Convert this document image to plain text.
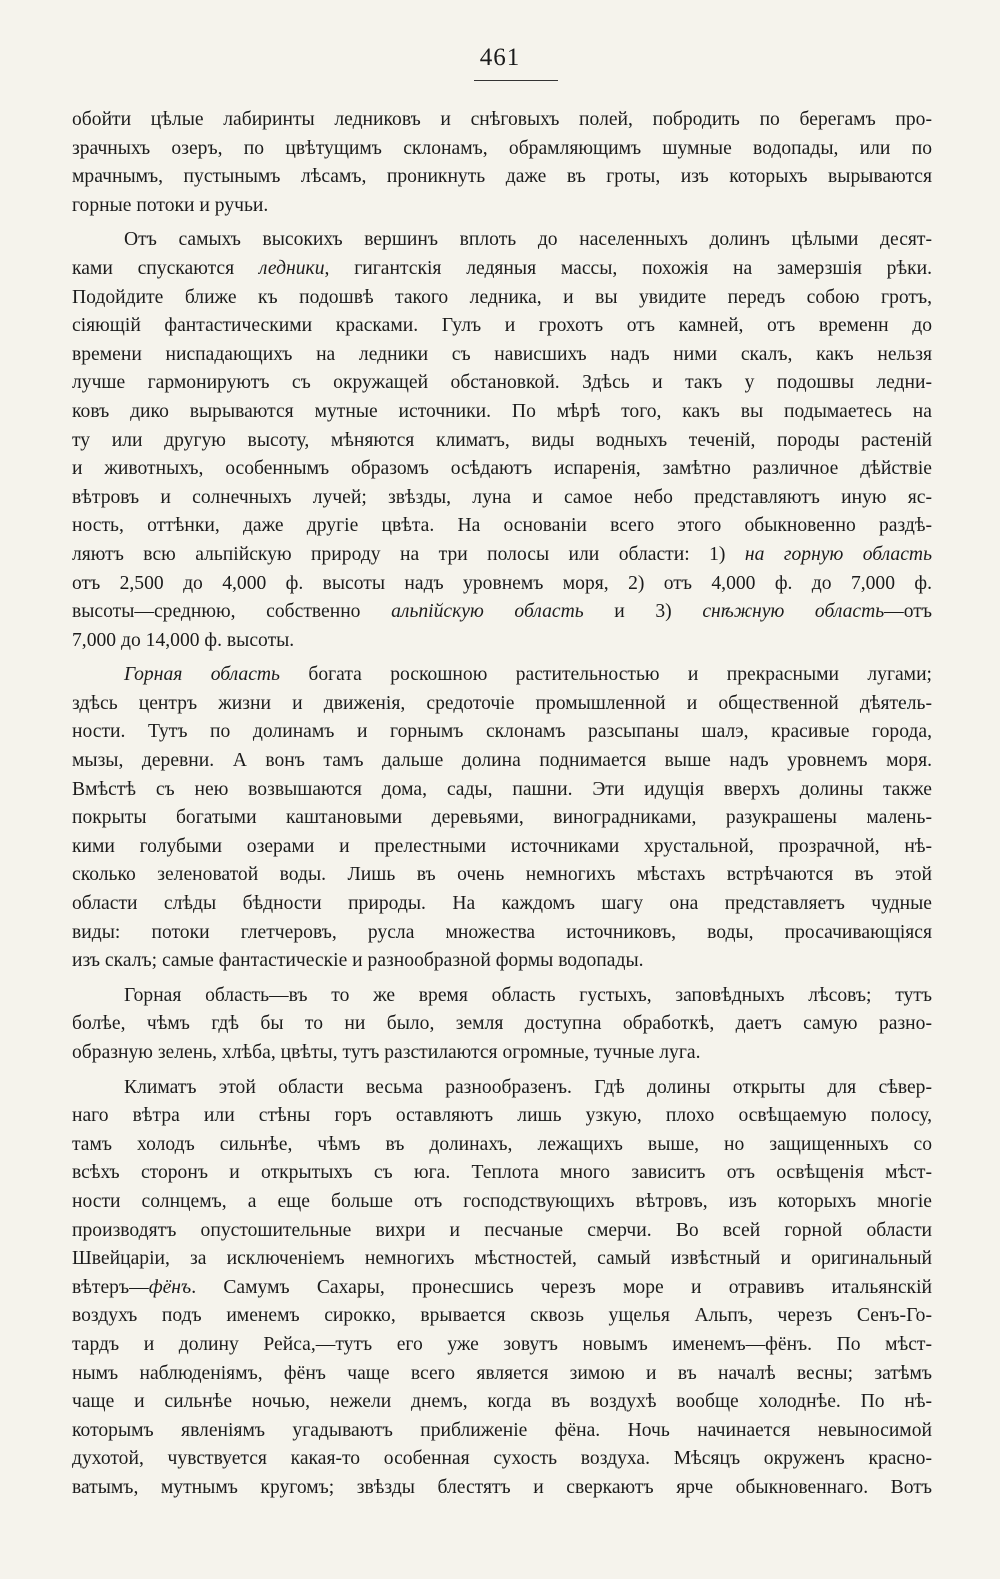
461
обойти цѣлые лабиринты ледниковъ и снѣговыхъ полей, побродить по берегамъ про-
зрачныхъ озеръ, по цвѣтущимъ склонамъ, обрамляющимъ шумные водопады, или по
мрачнымъ, пустынымъ лѣсамъ, проникнуть даже въ гроты, изъ которыхъ вырываются
горные потоки и ручьи.
Отъ самыхъ высокихъ вершинъ вплоть до населенныхъ долинъ цѣлыми десят-
ками спускаются ледники, гигантскія ледяныя массы, похожія на замерзшія рѣки.
Подойдите ближе къ подошвѣ такого ледника, и вы увидите передъ собою гротъ,
сіяющій фантастическими красками. Гулъ и грохотъ отъ камней, отъ временн до
времени ниспадающихъ на ледники съ нависшихъ надъ ними скалъ, какъ нельзя
лучше гармонируютъ съ окружащей обстановкой. Здѣсь и такъ у подошвы ледни-
ковъ дико вырываются мутные источники. По мѣрѣ того, какъ вы подымаетесь на
ту или другую высоту, мѣняются климатъ, виды водныхъ теченій, породы растеній
и животныхъ, особеннымъ образомъ осѣдаютъ испаренія, замѣтно различное дѣйствіе
вѣтровъ и солнечныхъ лучей; звѣзды, луна и самое небо представляютъ иную яс-
ность, оттѣнки, даже другіе цвѣта. На основаніи всего этого обыкновенно раздѣ-
ляютъ всю альпійскую природу на три полосы или области: 1) на горную область
отъ 2,500 до 4,000 ф. высоты надъ уровнемъ моря, 2) отъ 4,000 ф. до 7,000 ф.
высоты—среднюю, собственно альпійскую область и 3) снѣжную область—отъ
7,000 до 14,000 ф. высоты.
Горная область богата роскошною растительностью и прекрасными лугами;
здѣсь центръ жизни и движенія, средоточіе промышленной и общественной дѣятель-
ности. Тутъ по долинамъ и горнымъ склонамъ разсыпаны шалэ, красивые города,
мызы, деревни. А вонъ тамъ дальше долина поднимается выше надъ уровнемъ моря.
Вмѣстѣ съ нею возвышаются дома, сады, пашни. Эти идущія вверхъ долины также
покрыты богатыми каштановыми деревьями, виноградниками, разукрашены малень-
кими голубыми озерами и прелестными источниками хрустальной, прозрачной, нѣ-
сколько зеленоватой воды. Лишь въ очень немногихъ мѣстахъ встрѣчаются въ этой
области слѣды бѣдности природы. На каждомъ шагу она представляетъ чудные
виды: потоки глетчеровъ, русла множества источниковъ, воды, просачивающіяся
изъ скалъ; самые фантастическіе и разнообразной формы водопады.
Горная область—въ то же время область густыхъ, заповѣдныхъ лѣсовъ; тутъ
болѣе, чѣмъ гдѣ бы то ни было, земля доступна обработкѣ, даетъ самую разно-
образную зелень, хлѣба, цвѣты, тутъ разстилаются огромные, тучные луга.
Климатъ этой области весьма разнообразенъ. Гдѣ долины открыты для сѣвер-
наго вѣтра или стѣны горъ оставляютъ лишь узкую, плохо освѣщаемую полосу,
тамъ холодъ сильнѣе, чѣмъ въ долинахъ, лежащихъ выше, но защищенныхъ со
всѣхъ сторонъ и открытыхъ съ юга. Теплота много зависитъ отъ освѣщенія мѣст-
ности солнцемъ, а еще больше отъ господствующихъ вѣтровъ, изъ которыхъ многіе
производятъ опустошительные вихри и песчаные смерчи. Во всей горной области
Швейцаріи, за исключеніемъ немногихъ мѣстностей, самый извѣстный и оригинальный
вѣтеръ—фёнъ. Самумъ Сахары, пронесшись черезъ море и отравивъ итальянскій
воздухъ подъ именемъ сирокко, врывается сквозь ущелья Альпъ, черезъ Сенъ-Го-
тардъ и долину Рейса,—тутъ его уже зовутъ новымъ именемъ—фёнъ. По мѣст-
нымъ наблюденіямъ, фёнъ чаще всего является зимою и въ началѣ весны; затѣмъ
чаще и сильнѣе ночью, нежели днемъ, когда въ воздухѣ вообще холоднѣе. По нѣ-
которымъ явленіямъ угадываютъ приближеніе фёна. Ночь начинается невыносимой
духотой, чувствуется какая-то особенная сухость воздуха. Мѣсяцъ окруженъ красно-
ватымъ, мутнымъ кругомъ; звѣзды блестятъ и сверкаютъ ярче обыкновеннаго. Вотъ
